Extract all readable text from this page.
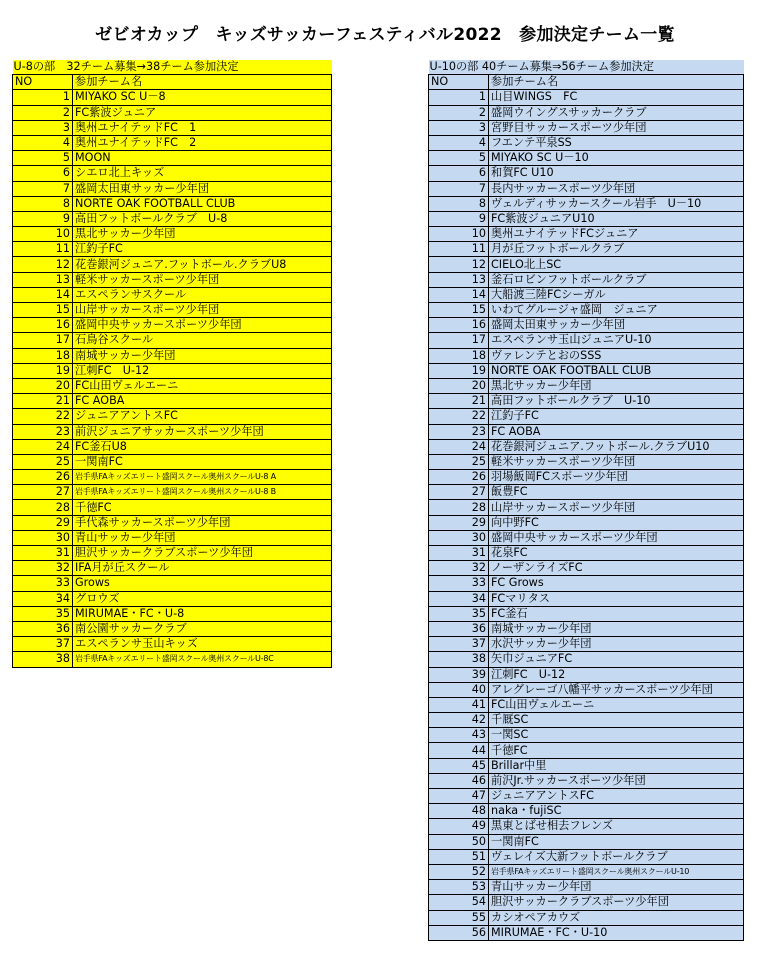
ゼビオカップ　キッズサッカーフェスティバル2022　参加決定チーム一覧
U-8の部　32チーム募集→38チーム参加決定	
NO	参加チーム名
1	MIYAKO SC U－8
2	FC紫波ジュニア
3	奥州ユナイテッドFC　1
4	奥州ユナイテッドFC　2
5	MOON
6	シエロ北上キッズ
7	盛岡太田東サッカー少年団
8	NORTE OAK FOOTBALL CLUB
9	高田フットボールクラブ　U-8
10	黒北サッカー少年団
11	江釣子FC
12	花巻銀河ジュニア.フットボール.クラブU8
13	軽米サッカースポーツ少年団
14	エスペランサスクール
15	山岸サッカースポーツ少年団
16	盛岡中央サッカースポーツ少年団
17	石鳥谷スクール
18	南城サッカー少年団
19	江刺FC　U-12
20	FC山田ヴェルエーニ
21	FC AOBA
22	ジュニアアントスFC
23	前沢ジュニアサッカースポーツ少年団
24	FC釜石U8
25	一関南FC
26	岩手県FAキッズエリート盛岡スクール奥州スクールU-8 A
27	岩手県FAキッズエリート盛岡スクール奥州スクールU-8 B
28	千徳FC
29	手代森サッカースポーツ少年団
30	青山サッカー少年団
31	胆沢サッカークラブスポーツ少年団
32	IFA月が丘スクール
33	Grows
34	グロウズ
35	MIRUMAE・FC・U-8
36	南公園サッカークラブ
37	エスペランサ玉山キッズ
38	岩手県FAキッズエリート盛岡スクール奥州スクールU-8C
U-10の部 40チーム募集⇒56チーム参加決定	
NO	参加チーム名
1	山目WINGS　FC
2	盛岡ウイングスサッカークラブ
3	宮野目サッカースポーツ少年団
4	フエンテ平泉SS
5	MIYAKO SC U－10
6	和賀FC U10
7	長内サッカースポーツ少年団
8	ヴェルディサッカースクール岩手　U－10
9	FC紫波ジュニアU10
10	奥州ユナイテッドFCジュニア
11	月が丘フットボールクラブ
12	CIELO北上SC
13	釜石ロビンフットボールクラブ
14	大船渡三陸FCシーガル
15	いわてグルージャ盛岡　ジュニア
16	盛岡太田東サッカー少年団
17	エスペランサ玉山ジュニアU-10
18	ヴァレンテとおのSSS
19	NORTE OAK FOOTBALL CLUB
20	黒北サッカー少年団
21	高田フットボールクラブ　U-10
22	江釣子FC
23	FC AOBA
24	花巻銀河ジュニア.フットボール.クラブU10
25	軽米サッカースポーツ少年団
26	羽場飯岡FCスポーツ少年団
27	飯豊FC
28	山岸サッカースポーツ少年団
29	向中野FC
30	盛岡中央サッカースポーツ少年団
31	花泉FC
32	ノーザンライズFC
33	FC Grows
34	FCマリタス
35	FC釜石
36	南城サッカー少年団
37	水沢サッカー少年団
38	矢巾ジュニアFC
39	江刺FC　U-12
40	アレグレーゴ八幡平サッカースポーツ少年団
41	FC山田ヴェルエーニ
42	千厩SC
43	一関SC
44	千徳FC
45	Brillar中里
46	前沢Jr.サッカースポーツ少年団
47	ジュニアアントスFC
48	naka・fujiSC
49	黒東とばせ相去フレンズ
50	一関南FC
51	ヴェレイズ大新フットボールクラブ
52	岩手県FAキッズエリート盛岡スクール奥州スクールU-10
53	青山サッカー少年団
54	胆沢サッカークラブスポーツ少年団
55	カシオペアカウズ
56	MIRUMAE・FC・U-10
